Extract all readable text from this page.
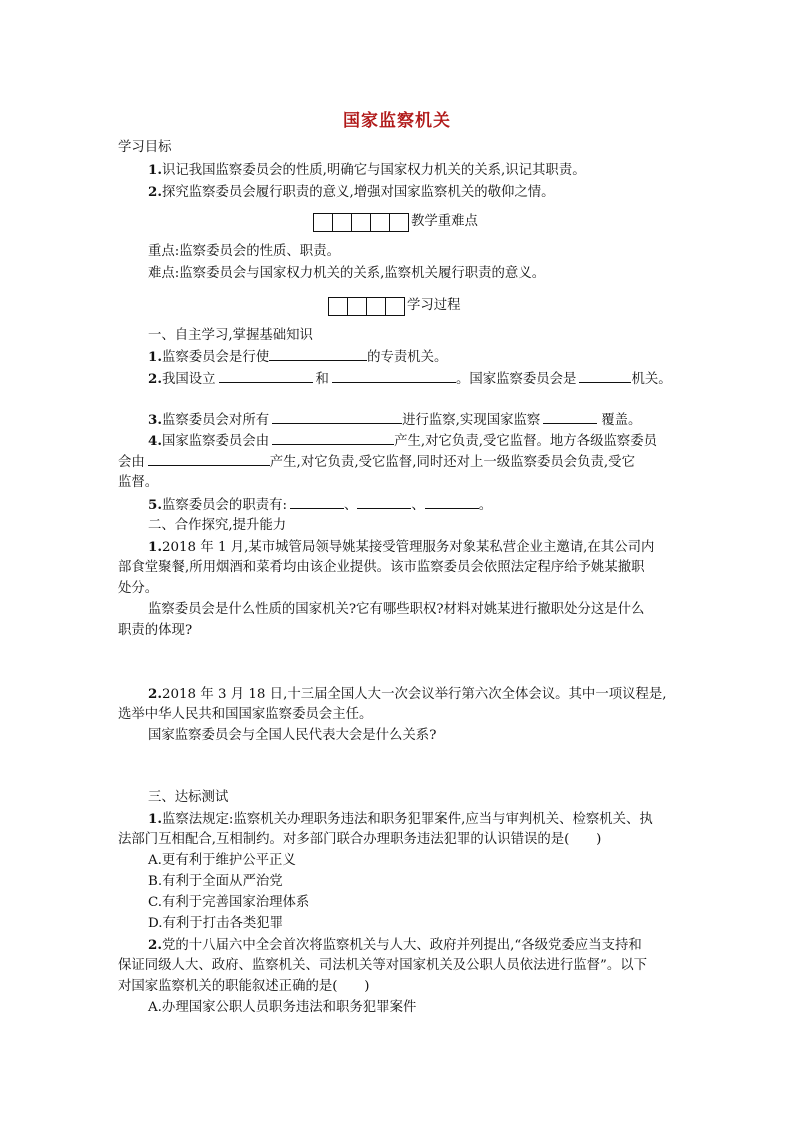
国家监察机关
学习目标
1.识记我国监察委员会的性质,明确它与国家权力机关的关系,识记其职责。
2.探究监察委员会履行职责的意义,增强对国家监察机关的敬仰之情。
教学重难点
重点:监察委员会的性质、职责。
难点:监察委员会与国家权力机关的关系,监察机关履行职责的意义。
学习过程
一、自主学习,掌握基础知识
1.监察委员会是行使	的专责机关。
2.我国设立	和	。国家监察委员会是	机关。
3.监察委员会对所有	进行监察,实现国家监察	覆盖。
4.国家监察委员会由	产生,对它负责,受它监督。地方各级监察委员
会由	产生,对它负责,受它监督,同时还对上一级监察委员会负责,受它
监督。
5.监察委员会的职责有:	、	、	。
二、合作探究,提升能力
1.2018 年 1 月,某市城管局领导姚某接受管理服务对象某私营企业主邀请,在其公司内
部食堂聚餐,所用烟酒和菜肴均由该企业提供。该市监察委员会依照法定程序给予姚某撤职
处分。
监察委员会是什么性质的国家机关?它有哪些职权?材料对姚某进行撤职处分这是什么
职责的体现?
2.2018 年 3 月 18 日,十三届全国人大一次会议举行第六次全体会议。其中一项议程是,
选举中华人民共和国国家监察委员会主任。
国家监察委员会与全国人民代表大会是什么关系?
三、达标测试
1.监察法规定:监察机关办理职务违法和职务犯罪案件,应当与审判机关、检察机关、执
法部门互相配合,互相制约。对多部门联合办理职务违法犯罪的认识错误的是(　　)
A.更有利于维护公平正义
B.有利于全面从严治党
C.有利于完善国家治理体系
D.有利于打击各类犯罪
2.党的十八届六中全会首次将监察机关与人大、政府并列提出,“各级党委应当支持和
保证同级人大、政府、监察机关、司法机关等对国家机关及公职人员依法进行监督”。以下
对国家监察机关的职能叙述正确的是(　　)
A.办理国家公职人员职务违法和职务犯罪案件
